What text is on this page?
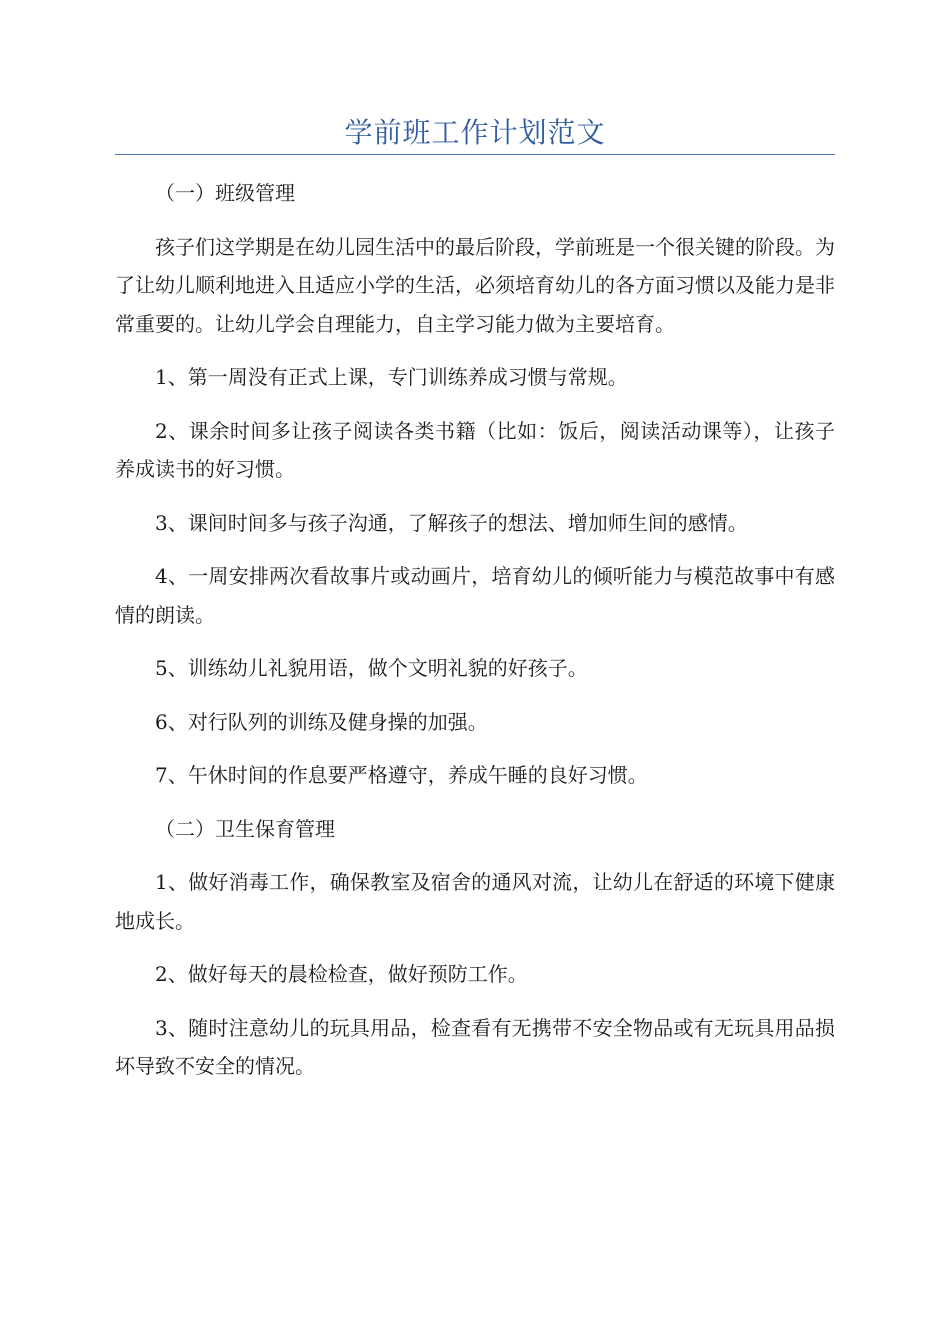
学前班工作计划范文

（一）班级管理

孩子们这学期是在幼儿园生活中的最后阶段，学前班是一个很关键的阶段。为了让幼儿顺利地进入且适应小学的生活，必须培育幼儿的各方面习惯以及能力是非常重要的。让幼儿学会自理能力，自主学习能力做为主要培育。

1、第一周没有正式上课，专门训练养成习惯与常规。

2、课余时间多让孩子阅读各类书籍（比如：饭后，阅读活动课等），让孩子养成读书的好习惯。

3、课间时间多与孩子沟通，了解孩子的想法、增加师生间的感情。

4、一周安排两次看故事片或动画片，培育幼儿的倾听能力与模范故事中有感情的朗读。

5、训练幼儿礼貌用语，做个文明礼貌的好孩子。

6、对行队列的训练及健身操的加强。

7、午休时间的作息要严格遵守，养成午睡的良好习惯。

（二）卫生保育管理

1、做好消毒工作，确保教室及宿舍的通风对流，让幼儿在舒适的环境下健康地成长。

2、做好每天的晨检检查，做好预防工作。

3、随时注意幼儿的玩具用品，检查看有无携带不安全物品或有无玩具用品损坏导致不安全的情况。
